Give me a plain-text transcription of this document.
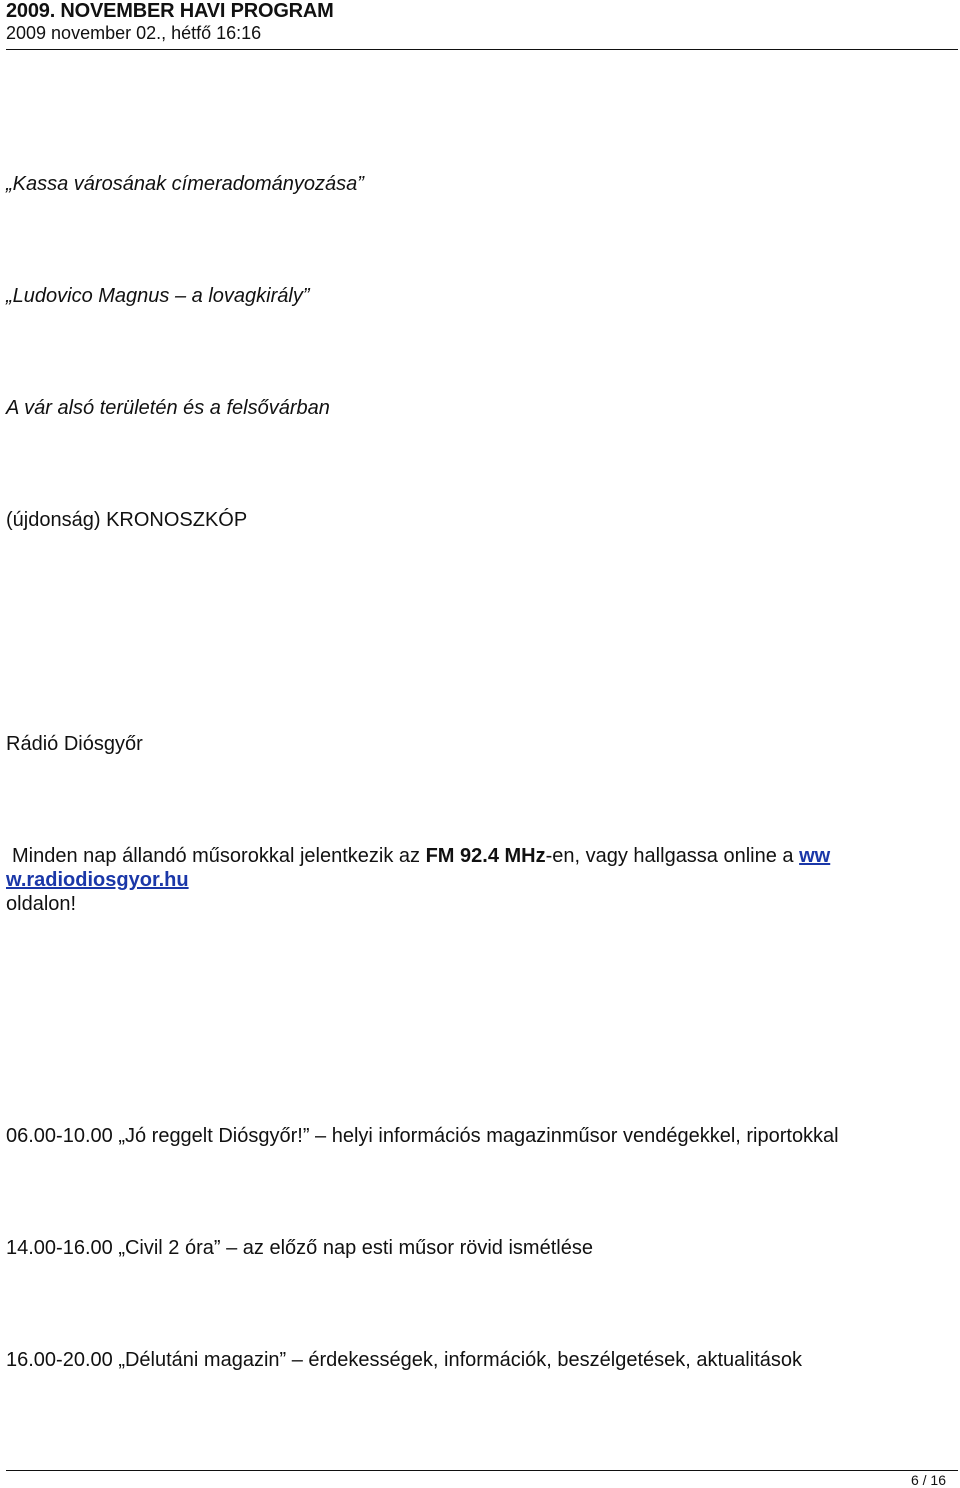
2009. NOVEMBER HAVI PROGRAM
2009 november 02., hétfő 16:16
„Kassa városának címeradományozása”
„Ludovico Magnus – a lovagkirály”
A vár alsó területén és a felsővárban
(újdonság) KRONOSZKÓP
Rádió Diósgyőr
Minden nap állandó műsorokkal jelentkezik az FM 92.4 MHz-en, vagy hallgassa online a ww
w.radiodiosgyor.hu
oldalon!
06.00-10.00 „Jó reggelt Diósgyőr!” – helyi információs magazinműsor vendégekkel, riportokkal
14.00-16.00 „Civil 2 óra” – az előző nap esti műsor rövid ismétlése
16.00-20.00 „Délutáni magazin” – érdekességek, információk, beszélgetések, aktualitások
6 / 16
